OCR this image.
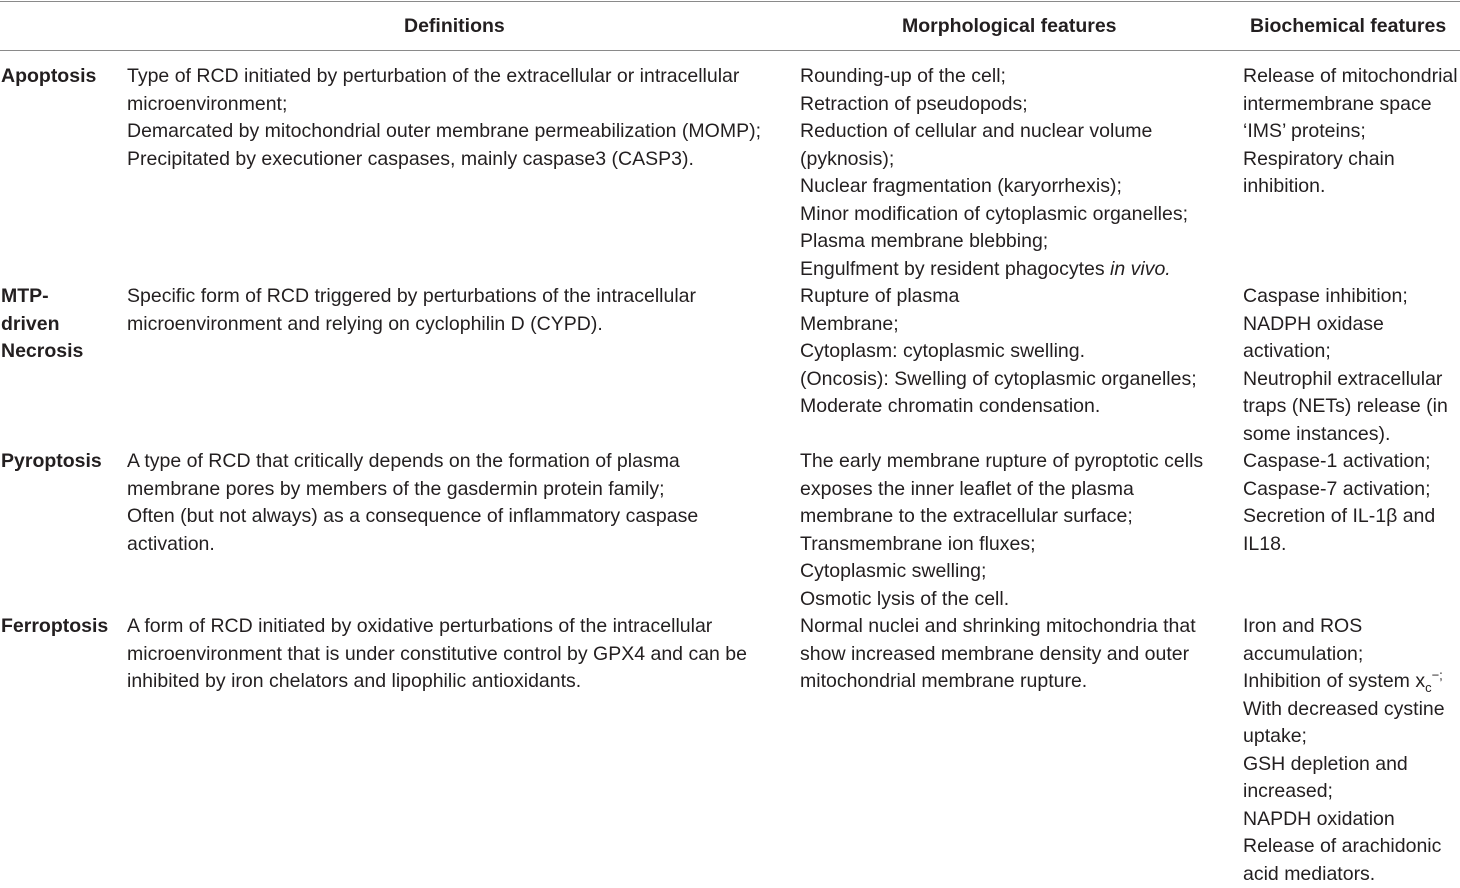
Definitions	Morphological features	Biochemical features
Apoptosis Type of RCD initiated by perturbation of the extracellular or intracellular
microenvironment;
Demarcated by mitochondrial outer membrane permeabilization (MOMP);
Precipitated by executioner caspases, mainly caspase3 (CASP3).
Rounding-up of the cell;
Retraction of pseudopods;
Reduction of cellular and nuclear volume
(pyknosis);
Nuclear fragmentation (karyorrhexis);
Minor modification of cytoplasmic organelles;
Plasma membrane blebbing;
Engulfment by resident phagocytes in vivo.
Release of mitochondrial
intermembrane space
‘IMS’ proteins;
Respiratory chain
inhibition.
MTP-
driven
Necrosis
Specific form of RCD triggered by perturbations of the intracellular
microenvironment and relying on cyclophilin D (CYPD).
Rupture of plasma
Membrane;
Cytoplasm: cytoplasmic swelling.
(Oncosis): Swelling of cytoplasmic organelles;
Moderate chromatin condensation.
Caspase inhibition;
NADPH oxidase
activation;
Neutrophil extracellular
traps (NETs) release (in
some instances).
Pyroptosis A type of RCD that critically depends on the formation of plasma
membrane pores by members of the gasdermin protein family;
Often (but not always) as a consequence of inflammatory caspase
activation.
The early membrane rupture of pyroptotic cells
exposes the inner leaflet of the plasma
membrane to the extracellular surface;
Transmembrane ion fluxes;
Cytoplasmic swelling;
Osmotic lysis of the cell.
Caspase-1 activation;
Caspase-7 activation;
Secretion of IL-1β and
IL18.
Ferroptosis A form of RCD initiated by oxidative perturbations of the intracellular
microenvironment that is under constitutive control by GPX4 and can be
inhibited by iron chelators and lipophilic antioxidants.
Normal nuclei and shrinking mitochondria that
show increased membrane density and outer
mitochondrial membrane rupture.
Iron and ROS
accumulation;
Inhibition of system $x_c^{-;}$
With decreased cystine
uptake;
GSH depletion and
increased;
NAPDH oxidation
Release of arachidonic
acid mediators.
